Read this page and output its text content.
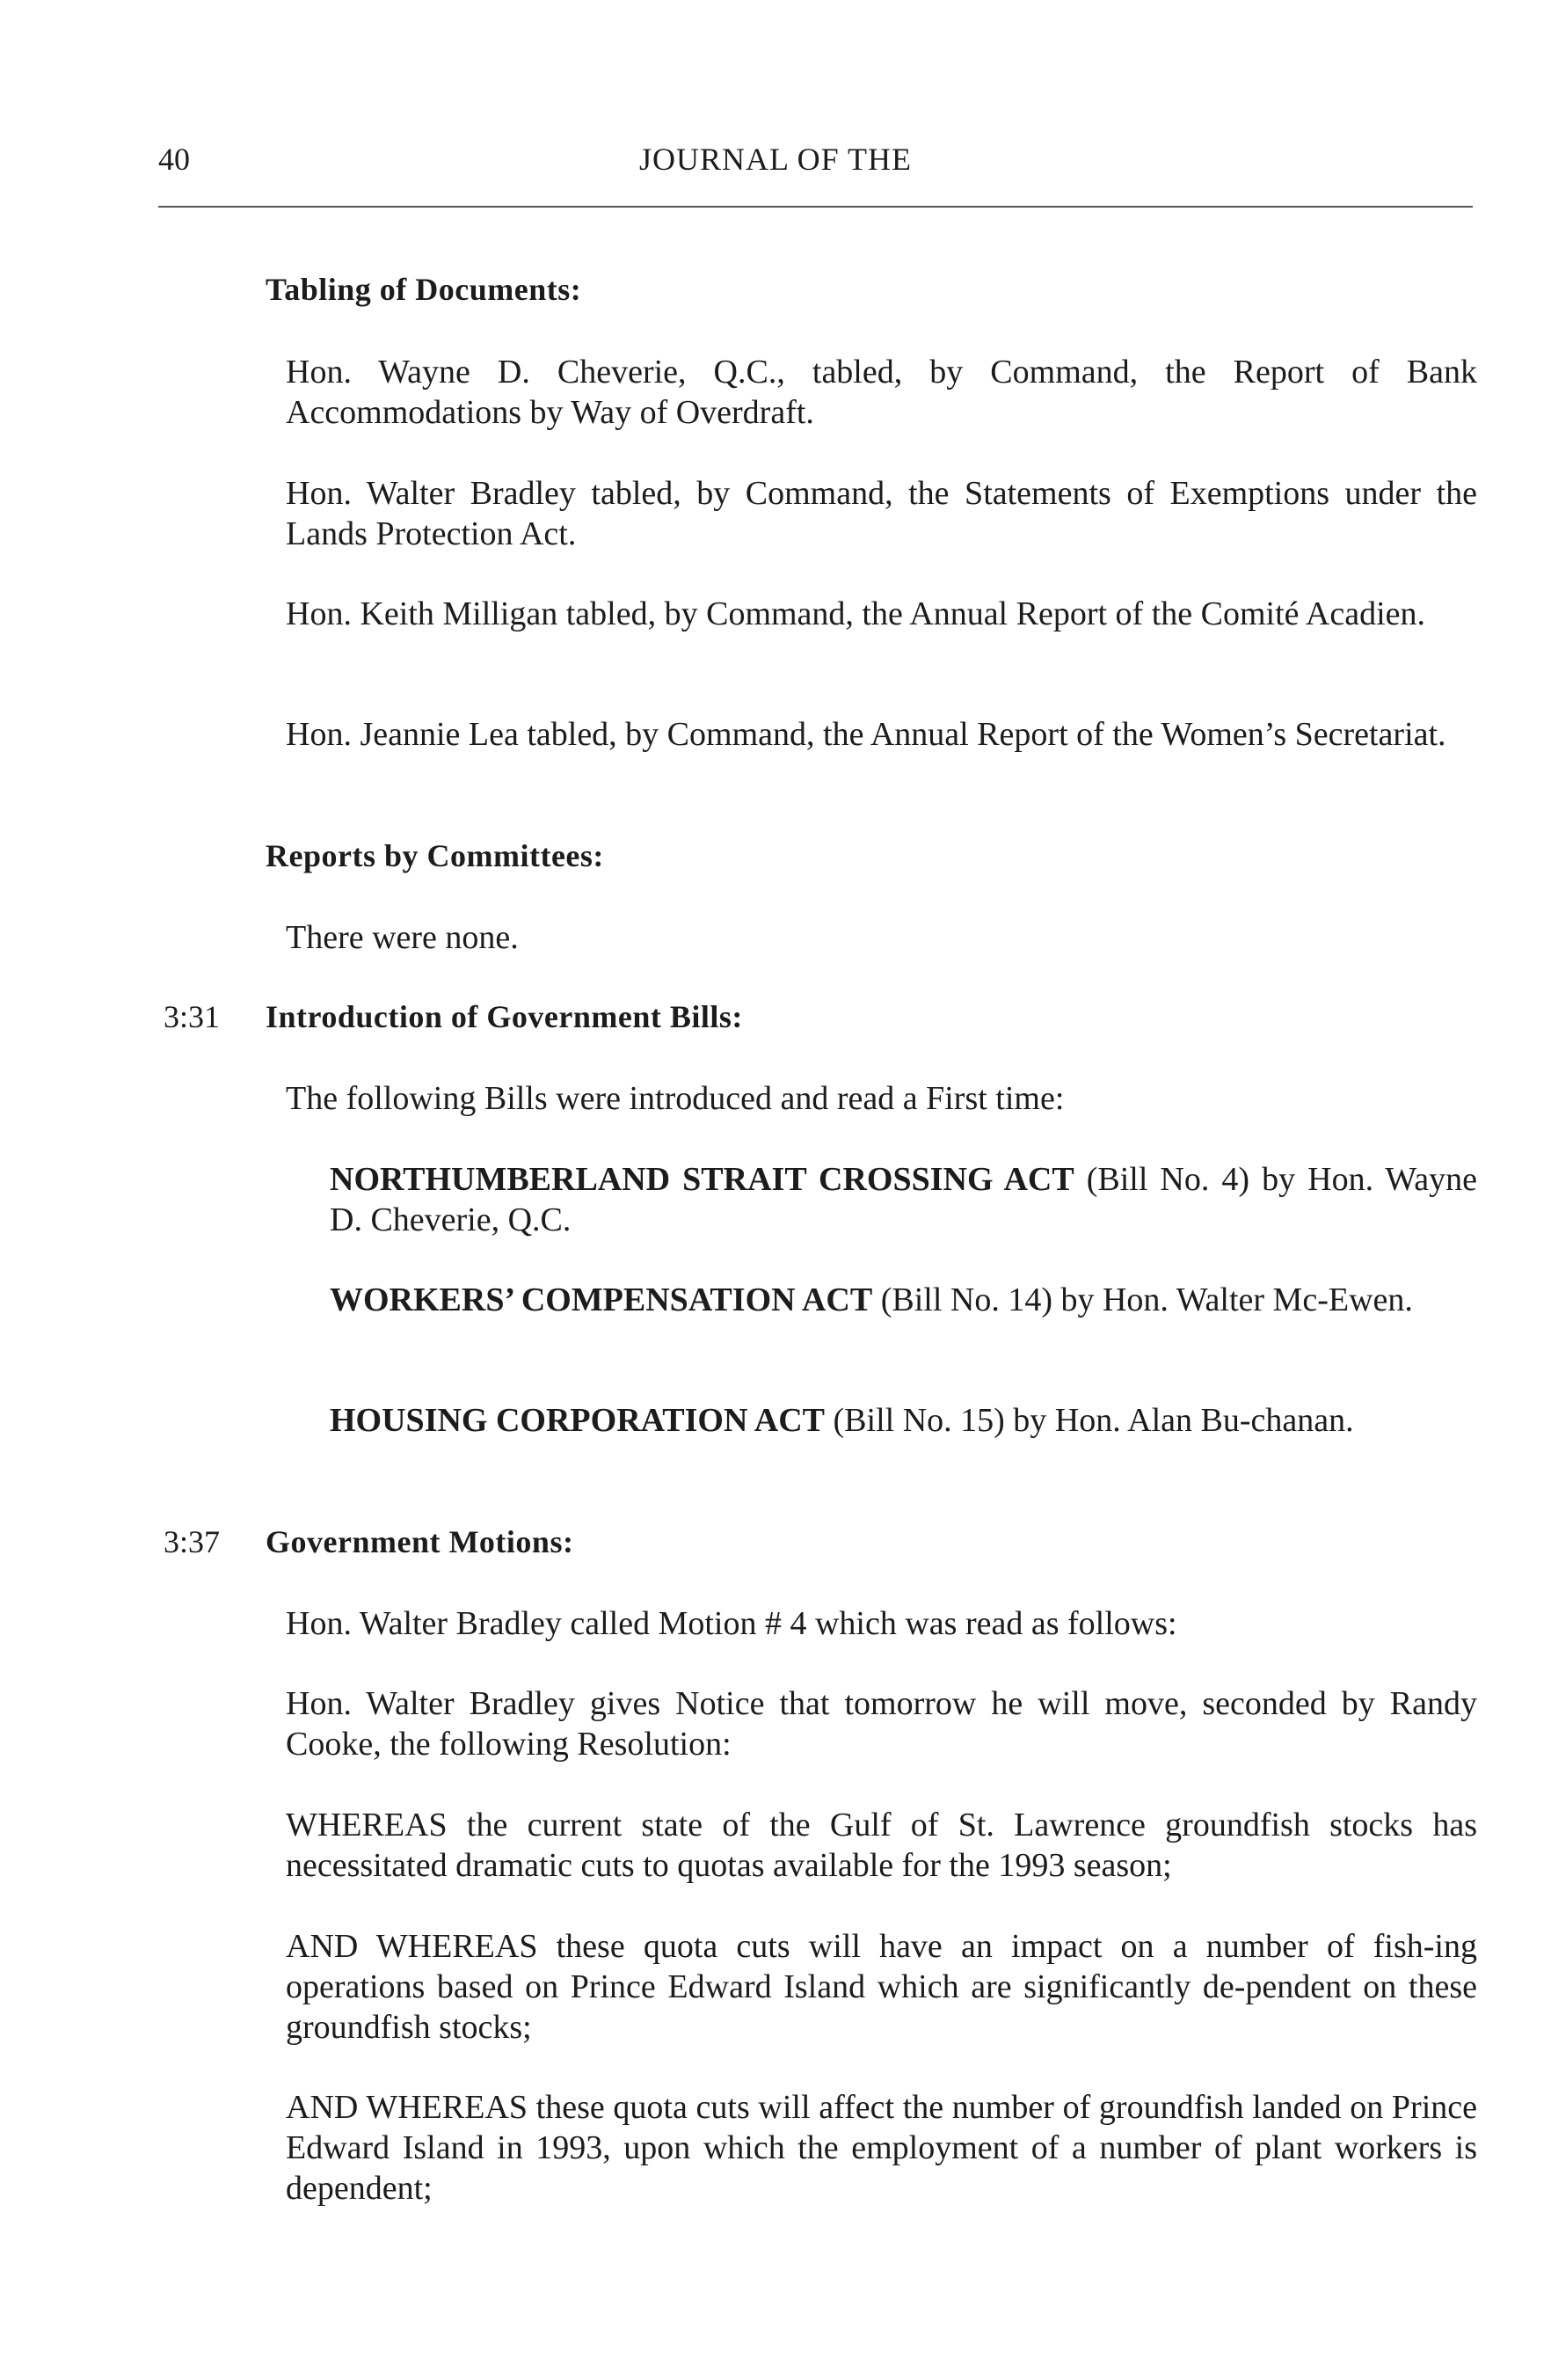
40	JOURNAL OF THE
Tabling of Documents:

Hon. Wayne D. Cheverie, Q.C., tabled, by Command, the Report of Bank Accommodations by Way of Overdraft.

Hon. Walter Bradley tabled, by Command, the Statements of Exemptions under the Lands Protection Act.

Hon. Keith Milligan tabled, by Command, the Annual Report of the Comité Acadien.

Hon. Jeannie Lea tabled, by Command, the Annual Report of the Women’s Secretariat.

Reports by Committees:

There were none.

3:31 Introduction of Government Bills:

The following Bills were introduced and read a First time:

NORTHUMBERLAND STRAIT CROSSING ACT (Bill No. 4) by Hon. Wayne D. Cheverie, Q.C.

WORKERS’ COMPENSATION ACT (Bill No. 14) by Hon. Walter Mc-Ewen.

HOUSING CORPORATION ACT (Bill No. 15) by Hon. Alan Bu-chanan.

3:37 Government Motions:

Hon. Walter Bradley called Motion # 4 which was read as follows:

Hon. Walter Bradley gives Notice that tomorrow he will move, seconded by Randy Cooke, the following Resolution:

WHEREAS the current state of the Gulf of St. Lawrence groundfish stocks has necessitated dramatic cuts to quotas available for the 1993 season;

AND WHEREAS these quota cuts will have an impact on a number of fish-ing operations based on Prince Edward Island which are significantly de-pendent on these groundfish stocks;

AND WHEREAS these quota cuts will affect the number of groundfish landed on Prince Edward Island in 1993, upon which the employment of a number of plant workers is dependent;
